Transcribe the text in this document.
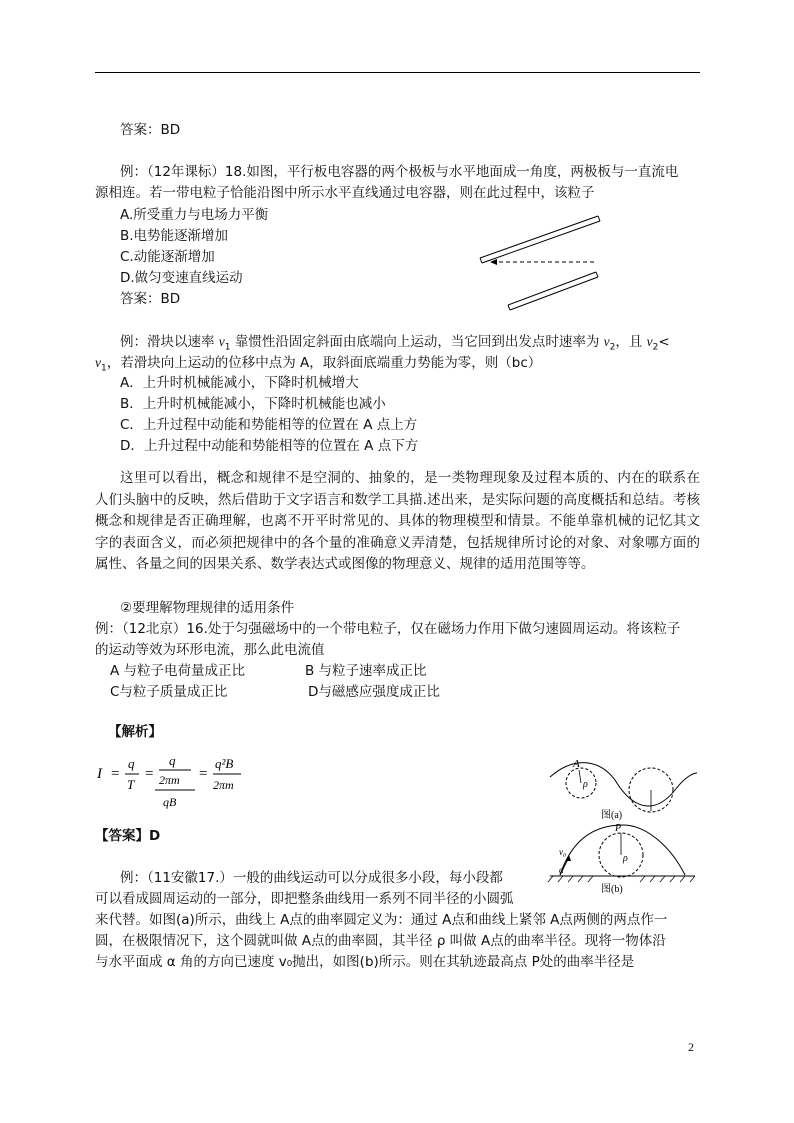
答案：BD
例：（12年课标）18.如图，平行板电容器的两个极板与水平地面成一角度，两极板与一直流电
源相连。若一带电粒子恰能沿图中所示水平直线通过电容器，则在此过程中，该粒子
A.所受重力与电场力平衡
B.电势能逐渐增加
C.动能逐渐增加
D.做匀变速直线运动
答案：BD
例：滑块以速率 $v_1$ 靠惯性沿固定斜面由底端向上运动，当它回到出发点时速率为 $v_2$，且 $v_2<$
$v_1$，若滑块向上运动的位移中点为 A，取斜面底端重力势能为零，则（bc）
A．上升时机械能减小，下降时机械增大
B．上升时机械能减小，下降时机械能也减小
C．上升过程中动能和势能相等的位置在 A 点上方
D．上升过程中动能和势能相等的位置在 A 点下方
这里可以看出，概念和规律不是空洞的、抽象的，是一类物理现象及过程本质的、内在的联系在人们头脑中的反映，然后借助于文字语言和数学工具描.述出来，是实际问题的高度概括和总结。考核概念和规律是否正确理解，也离不开平时常见的、具体的物理模型和情景。不能单靠机械的记忆其文字的表面含义，而必须把规律中的各个量的准确意义弄清楚，包括规律所讨论的对象、对象哪方面的属性、各量之间的因果关系、数学表达式或图像的物理意义、规律的适用范围等等。
②要理解物理规律的适用条件
例：（12北京）16.处于匀强磁场中的一个带电粒子，仅在磁场力作用下做匀速圆周运动。将该粒子
的运动等效为环形电流，那么此电流值
A 与粒子电荷量成正比	B 与粒子速率成正比
C与粒子质量成正比	D与磁感应强度成正比
【解析】
I =
q
T
=
q
2πm
qB
=
q²B
2πm
【答案】D
例：（11安徽17.）一般的曲线运动可以分成很多小段，每小段都
可以看成圆周运动的一部分，即把整条曲线用一系列不同半径的小圆弧
来代替。如图(a)所示，曲线上 A点的曲率圆定义为：通过 A点和曲线上紧邻 A点两侧的两点作一
圆，在极限情况下，这个圆就叫做 A点的曲率圆，其半径 ρ 叫做 A点的曲率半径。现将一物体沿
与水平面成 α 角的方向已速度 v₀抛出，如图(b)所示。则在其轨迹最高点 P处的曲率半径是
A
ρ
图(a)
P
ρ
v₀
α
图(b)
2
